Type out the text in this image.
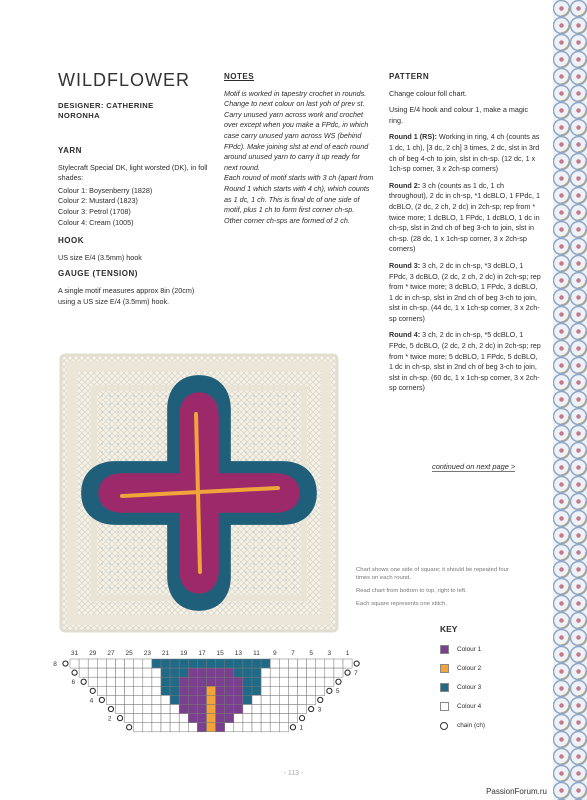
WILDFLOWER
DESIGNER: CATHERINE NORONHA
YARN

Stylecraft Special DK, light worsted (DK), in foll shades:

Colour 1: Boysenberry (1828)
Colour 2: Mustard (1823)
Colour 3: Petrol (1708)
Colour 4: Cream (1005)
HOOK

US size E/4 (3.5mm) hook

GAUGE (TENSION)

A single motif measures approx 8in (20cm) using a US size E/4 (3.5mm) hook.

NOTES

Motif is worked in tapestry crochet in rounds.

Change to next colour on last yoh of prev st. Carry unused yarn across work and crochet over except when you make a FPdc, in which case carry unused yarn across WS (behind FPdc). Make joining slst at end of each round around unused yarn to carry it up ready for next round.

Each round of motif starts with 3 ch (apart from Round 1 which starts with 4 ch), which counts as 1 dc, 1 ch. This is final dc of one side of motif, plus 1 ch to form first corner ch-sp. Other corner ch-sps are formed of 2 ch.

PATTERN

Change colour foll chart.

Using E/4 hook and colour 1, make a magic ring.

Round 1 (RS): Working in ring, 4 ch (counts as 1 dc, 1 ch), [3 dc, 2 ch] 3 times, 2 dc, slst in 3rd ch of beg 4-ch to join, slst in ch-sp. (12 dc, 1 x 1ch-sp corner, 3 x 2ch-sp corners)

Round 2: 3 ch (counts as 1 dc, 1 ch throughout), 2 dc in ch-sp, *1 dcBLO, 1 FPdc, 1 dcBLO, (2 dc, 2 ch, 2 dc) in 2ch-sp; rep from * twice more; 1 dcBLO, 1 FPdc, 1 dcBLO, 1 dc in ch-sp, slst in 2nd ch of beg 3-ch to join, slst in ch-sp. (28 dc, 1 x 1ch-sp corner, 3 x 2ch-sp corners)

Round 3: 3 ch, 2 dc in ch-sp, *3 dcBLO, 1 FPdc, 3 dcBLO, (2 dc, 2 ch, 2 dc) in 2ch-sp; rep from * twice more; 3 dcBLO, 1 FPdc, 3 dcBLO, 1 dc in ch-sp, slst in 2nd ch of beg 3-ch to join, slst in ch-sp. (44 dc, 1 x 1ch-sp corner, 3 x 2ch-sp corners)

Round 4: 3 ch, 2 dc in ch-sp, *5 dcBLO, 1 FPdc, 5 dcBLO, (2 dc, 2 ch, 2 dc) in 2ch-sp; rep from * twice more; 5 dcBLO, 1 FPdc, 5 dcBLO, 1 dc in ch-sp, slst in 2nd ch of beg 3-ch to join, slst in ch-sp. (60 dc, 1 x 1ch-sp corner, 3 x 2ch-sp corners)

continued on next page >

Chart shows one side of square; it should be repeated four times on each round.

Read chart from bottom to top, right to left.

Each square represents one stitch.

KEY
Colour 1
Colour 2
Colour 3
Colour 4
chain (ch)
31 29 27 25 23 21 19 17 15 13 11 9 7 5 3 1
8
7
6
5
4
3
2
1
- 113 -
PassionForum.ru
